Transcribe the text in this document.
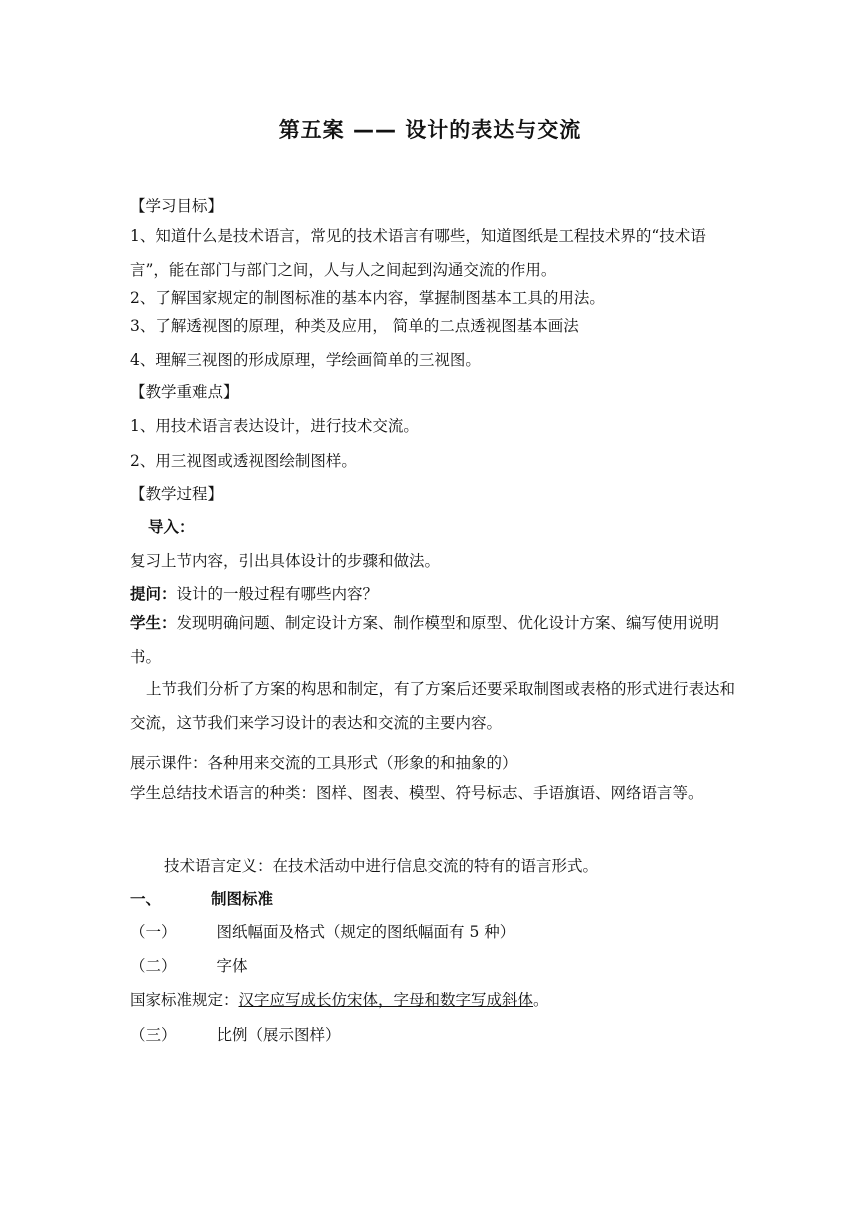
第五案 —— 设计的表达与交流
【学习目标】
1、知道什么是技术语言，常见的技术语言有哪些，知道图纸是工程技术界的“技术语言”，能在部门与部门之间，人与人之间起到沟通交流的作用。
2、了解国家规定的制图标准的基本内容，掌握制图基本工具的用法。
3、了解透视图的原理，种类及应用， 简单的二点透视图基本画法
4、理解三视图的形成原理，学绘画简单的三视图。
【教学重难点】
1、用技术语言表达设计，进行技术交流。
2、用三视图或透视图绘制图样。
【教学过程】
导入：
复习上节内容，引出具体设计的步骤和做法。
提问：设计的一般过程有哪些内容？
学生：发现明确问题、制定设计方案、制作模型和原型、优化设计方案、编写使用说明书。
上节我们分析了方案的构思和制定，有了方案后还要采取制图或表格的形式进行表达和交流，这节我们来学习设计的表达和交流的主要内容。
展示课件：各种用来交流的工具形式（形象的和抽象的）
学生总结技术语言的种类：图样、图表、模型、符号标志、手语旗语、网络语言等。
技术语言定义：在技术活动中进行信息交流的特有的语言形式。
一、	制图标准
（一）	图纸幅面及格式（规定的图纸幅面有 5 种）
（二）	字体
国家标准规定：汉字应写成长仿宋体，字母和数字写成斜体。
（三）	比例（展示图样）
